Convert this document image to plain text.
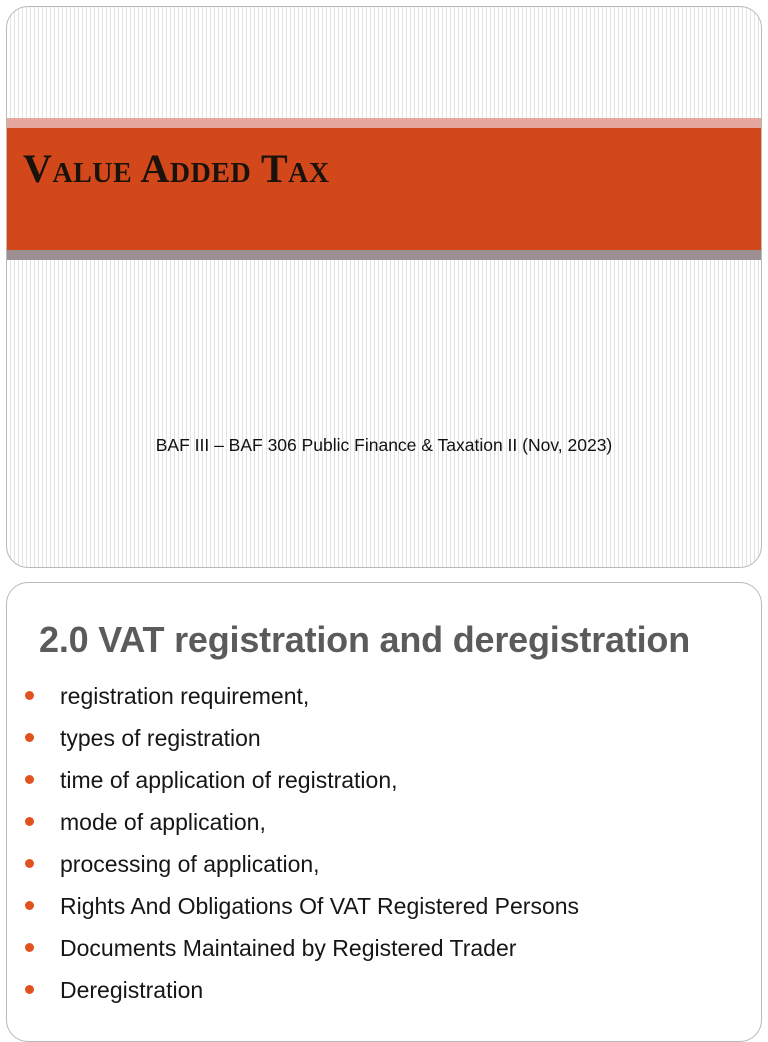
Value Added Tax
BAF III – BAF 306 Public Finance & Taxation II (Nov, 2023)
2.0 VAT registration and deregistration
registration requirement,
types of registration
time of application of registration,
mode of application,
processing of application,
Rights And Obligations Of VAT Registered Persons
Documents Maintained by Registered Trader
Deregistration
